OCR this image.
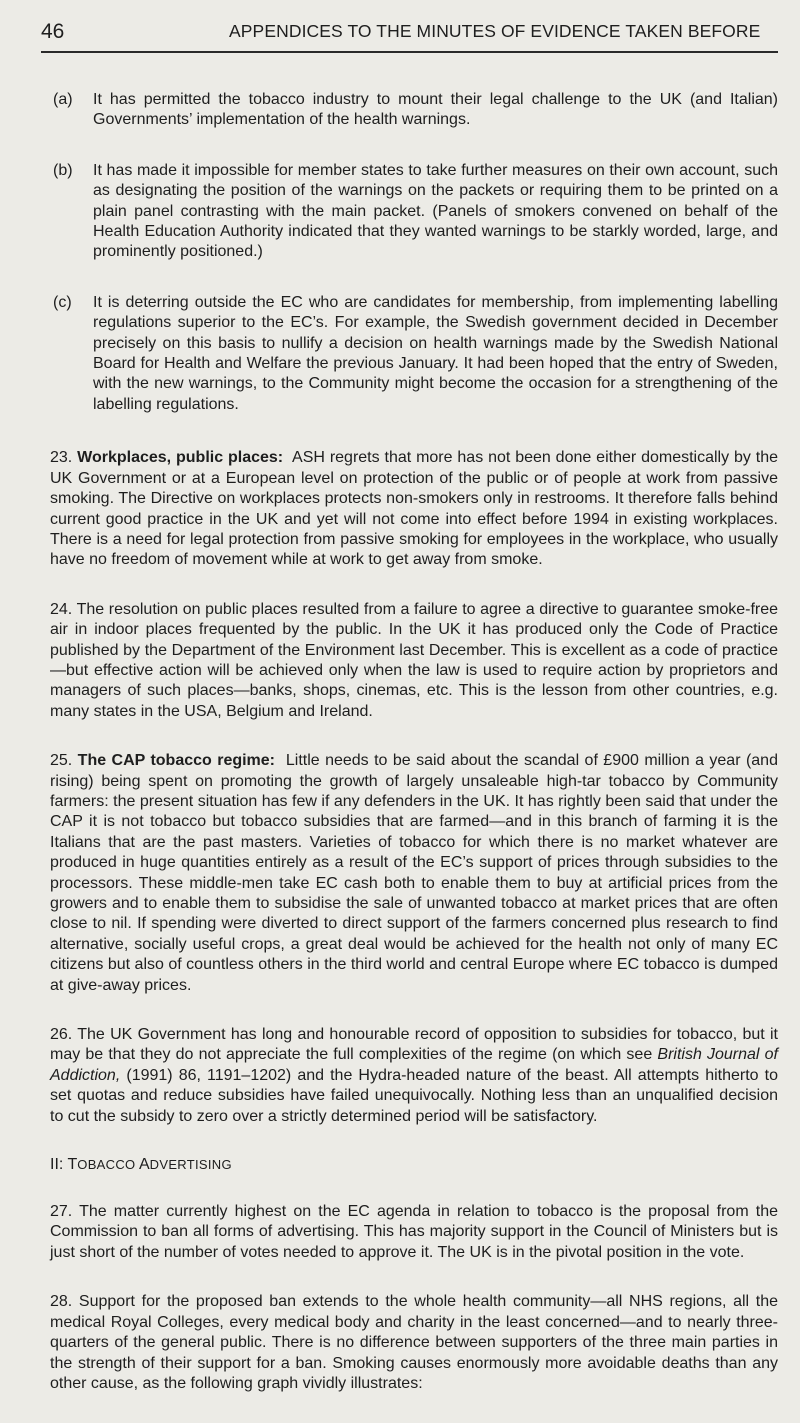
46	APPENDICES TO THE MINUTES OF EVIDENCE TAKEN BEFORE
(a)	It has permitted the tobacco industry to mount their legal challenge to the UK (and Italian) Governments’ implementation of the health warnings.
(b)	It has made it impossible for member states to take further measures on their own account, such as designating the position of the warnings on the packets or requiring them to be printed on a plain panel contrasting with the main packet. (Panels of smokers convened on behalf of the Health Education Authority indicated that they wanted warnings to be starkly worded, large, and prominently positioned.)
(c)	It is deterring outside the EC who are candidates for membership, from implementing labelling regulations superior to the EC’s. For example, the Swedish government decided in December precisely on this basis to nullify a decision on health warnings made by the Swedish National Board for Health and Welfare the previous January. It had been hoped that the entry of Sweden, with the new warnings, to the Community might become the occasion for a strengthening of the labelling regulations.

23. Workplaces, public places: ASH regrets that more has not been done either domestically by the UK Government or at a European level on protection of the public or of people at work from passive smoking. The Directive on workplaces protects non-smokers only in restrooms. It therefore falls behind current good practice in the UK and yet will not come into effect before 1994 in existing workplaces. There is a need for legal protection from passive smoking for employees in the workplace, who usually have no freedom of movement while at work to get away from smoke.

24. The resolution on public places resulted from a failure to agree a directive to guarantee smoke-free air in indoor places frequented by the public. In the UK it has produced only the Code of Practice published by the Department of the Environment last December. This is excellent as a code of practice—but effective action will be achieved only when the law is used to require action by proprietors and managers of such places—banks, shops, cinemas, etc. This is the lesson from other countries, e.g. many states in the USA, Belgium and Ireland.

25. The CAP tobacco regime: Little needs to be said about the scandal of £900 million a year (and rising) being spent on promoting the growth of largely unsaleable high-tar tobacco by Community farmers: the present situation has few if any defenders in the UK. It has rightly been said that under the CAP it is not tobacco but tobacco subsidies that are farmed—and in this branch of farming it is the Italians that are the past masters. Varieties of tobacco for which there is no market whatever are produced in huge quantities entirely as a result of the EC’s support of prices through subsidies to the processors. These middle-men take EC cash both to enable them to buy at artificial prices from the growers and to enable them to subsidise the sale of unwanted tobacco at market prices that are often close to nil. If spending were diverted to direct support of the farmers concerned plus research to find alternative, socially useful crops, a great deal would be achieved for the health not only of many EC citizens but also of countless others in the third world and central Europe where EC tobacco is dumped at give-away prices.

26. The UK Government has long and honourable record of opposition to subsidies for tobacco, but it may be that they do not appreciate the full complexities of the regime (on which see British Journal of Addiction, (1991) 86, 1191–1202) and the Hydra-headed nature of the beast. All attempts hitherto to set quotas and reduce subsidies have failed unequivocally. Nothing less than an unqualified decision to cut the subsidy to zero over a strictly determined period will be satisfactory.

II: TOBACCO ADVERTISING

27. The matter currently highest on the EC agenda in relation to tobacco is the proposal from the Commission to ban all forms of advertising. This has majority support in the Council of Ministers but is just short of the number of votes needed to approve it. The UK is in the pivotal position in the vote.

28. Support for the proposed ban extends to the whole health community—all NHS regions, all the medical Royal Colleges, every medical body and charity in the least concerned—and to nearly three-quarters of the general public. There is no difference between supporters of the three main parties in the strength of their support for a ban. Smoking causes enormously more avoidable deaths than any other cause, as the following graph vividly illustrates:
